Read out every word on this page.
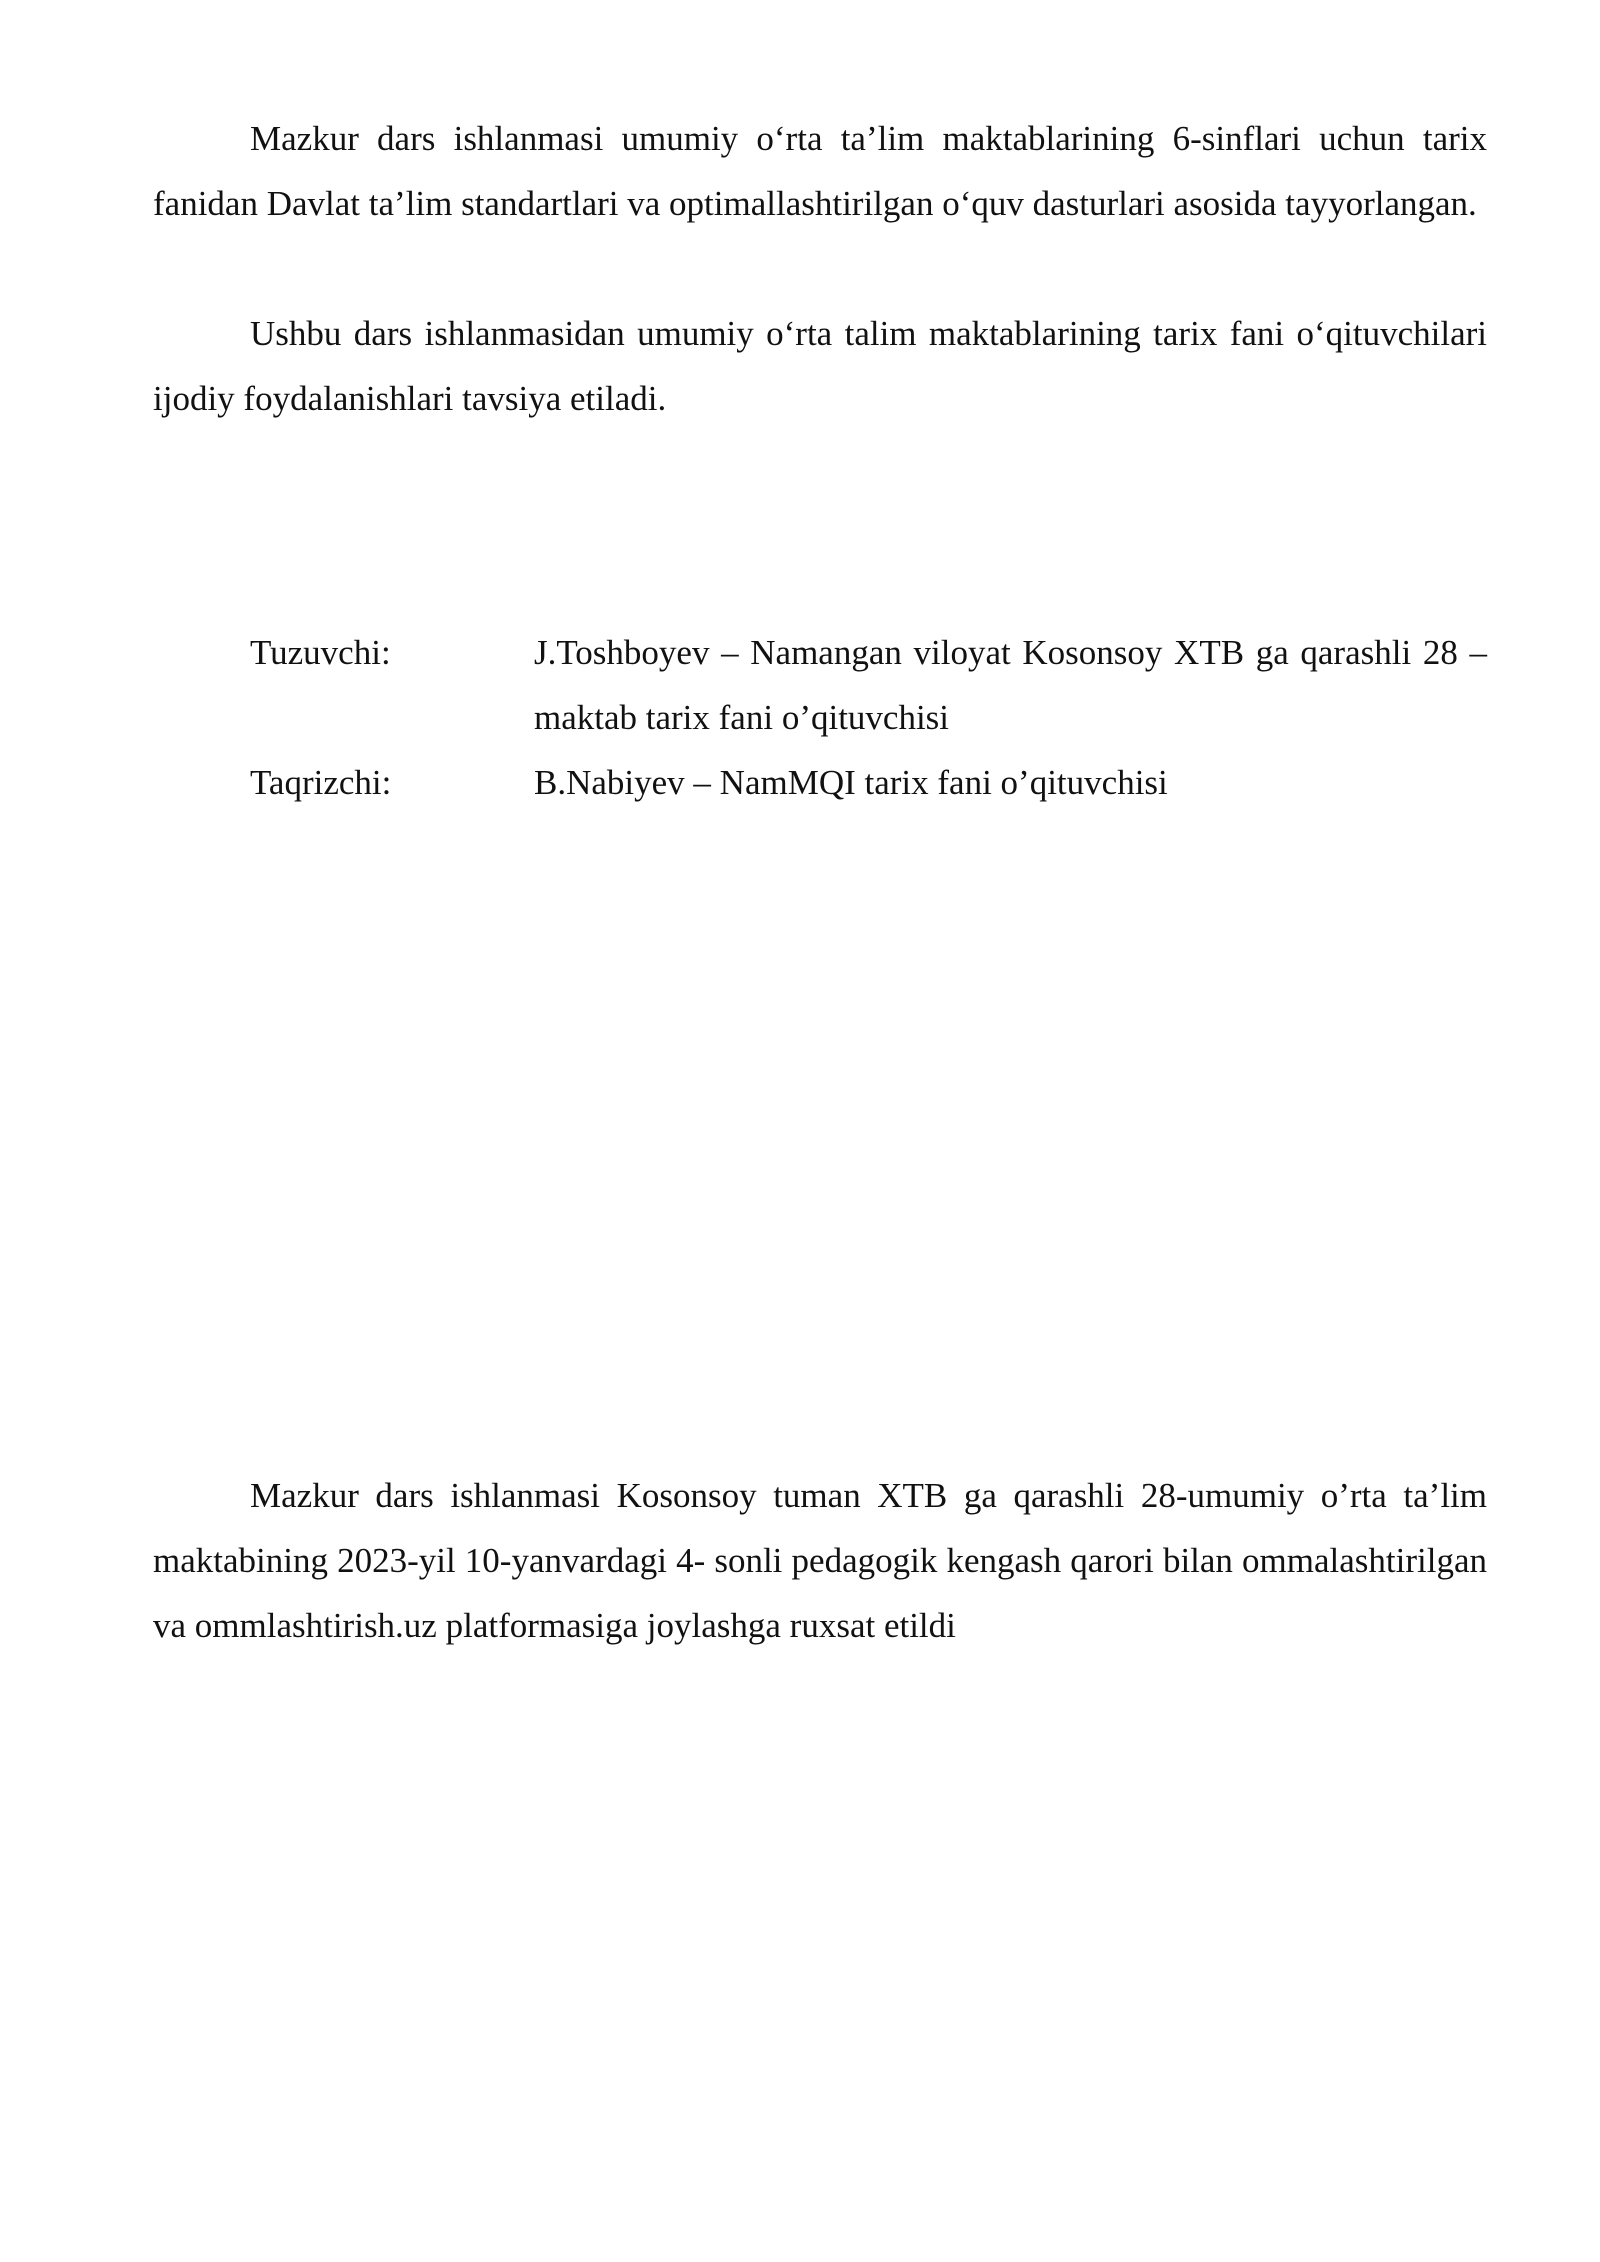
Mazkur dars ishlanmasi umumiy o‘rta ta’lim maktablarining 6-sinflari uchun tarix fanidan Davlat ta’lim standartlari va optimallashtirilgan o‘quv dasturlari asosida tayyorlangan.

Ushbu dars ishlanmasidan umumiy o‘rta talim maktablarining tarix fani o‘qituvchilari ijodiy foydalanishlari tavsiya etiladi.

Tuzuvchi:	J.Toshboyev – Namangan viloyat Kosonsoy XTB ga qarashli 28 –maktab tarix fani o’qituvchisi
Taqrizchi:	B.Nabiyev – NamMQI tarix fani o’qituvchisi

Mazkur dars ishlanmasi Kosonsoy tuman XTB ga qarashli 28-umumiy o’rta ta’lim maktabining 2023-yil 10-yanvardagi 4- sonli pedagogik kengash qarori bilan ommalashtirilgan va ommlashtirish.uz platformasiga joylashga ruxsat etildi
